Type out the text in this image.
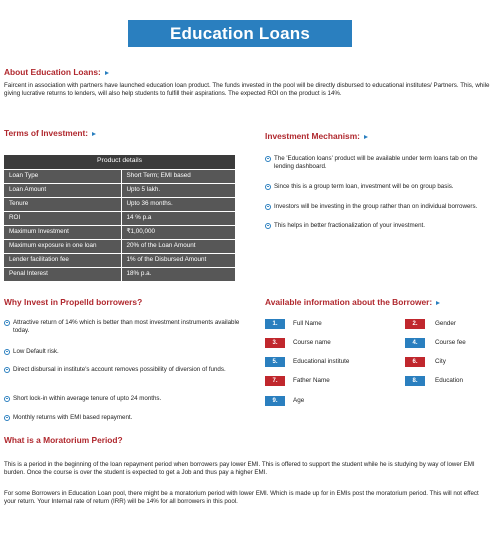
Education Loans
About Education Loans:
Faircent in association with partners have launched education loan product. The funds invested in the pool will be directly disbursed to educational institutes/ Partners. This, while giving lucrative returns to lenders, will also help students to fulfill their aspirations. The expected ROI on the product is 14%.
Terms of Investment:
Product details	
Loan Type	Short Term; EMI based
Loan Amount	Upto 5 lakh.
Tenure	Upto 36 months.
ROI	14 % p.a
Maximum Investment	₹1,00,000
Maximum exposure in one loan	20% of the Loan Amount
Lender facilitation fee	1% of the Disbursed Amount
Penal Interest	18% p.a.
Investment Mechanism:
The 'Education loans' product will be available under term loans tab on the lending dashboard.
Since this is a group term loan, investment will be on group basis.
Investors will be investing in the group rather than on individual borrowers.
This helps in better fractionalization of your investment.
Why Invest in Propelld borrowers?
Attractive return of 14% which is better than most investment instruments available today.
Low Default risk.
Direct disbursal in institute's account removes possibility of diversion of funds.
Short lock-in within average tenure of upto 24 months.
Monthly returns with EMI based repayment.
Available information about the Borrower:
1.	Full Name	2.	Gender
3.	Course name	4.	Course fee
5.	Educational institute	6.	City
7.	Father Name	8.	Education
9.	Age
What is a Moratorium Period?
This is a period in the beginning of the loan repayment period when borrowers pay lower EMI. This is offered to support the student while he is studying by way of lower EMI burden. Once the course is over the student is expected to get a Job and thus pay a higher EMI.
For some Borrowers in Education Loan pool, there might be a moratorium period with lower EMI. Which is made up for in EMIs post the moratorium period. This will not effect your return. Your Internal rate of return (IRR) will be 14% for all borrowers in this pool.
